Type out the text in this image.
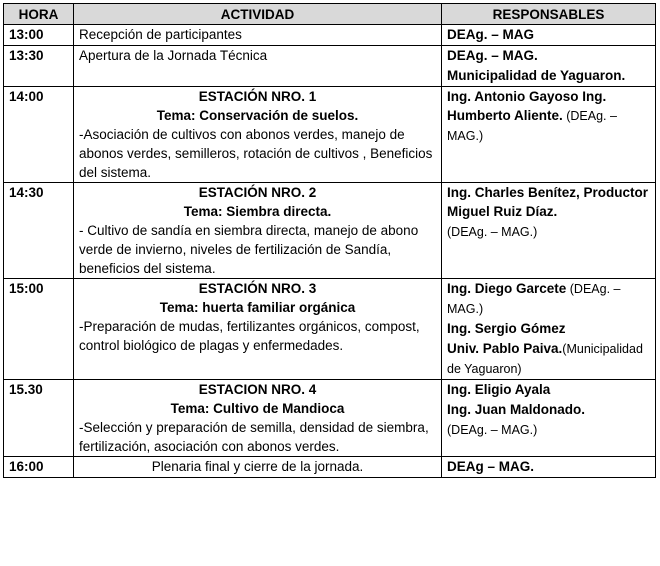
HORA	ACTIVIDAD	RESPONSABLES
13:00	Recepción de participantes	DEAg. – MAG

13:30	Apertura de la Jornada Técnica	DEAg. – MAG.
Municipalidad de Yaguaron.

14:00	ESTACIÓN NRO. 1
Tema: Conservación de suelos.
-Asociación de cultivos con abonos verdes, manejo de abonos verdes, semilleros, rotación de cultivos , Beneficios del sistema.	Ing. Antonio Gayoso Ing. Humberto Aliente. (DEAg. – MAG.)

14:30	ESTACIÓN NRO. 2
Tema: Siembra directa.
- Cultivo de sandía en siembra directa, manejo de abono verde de invierno, niveles de fertilización de Sandía, beneficios del sistema.	Ing. Charles Benítez, Productor Miguel Ruiz Díaz.
(DEAg. – MAG.)

15:00	ESTACIÓN NRO. 3
Tema: huerta familiar orgánica
-Preparación de mudas, fertilizantes orgánicos, compost, control biológico de plagas y enfermedades.	Ing. Diego Garcete (DEAg. – MAG.)
Ing. Sergio Gómez
Univ. Pablo Paiva.(Municipalidad de Yaguaron)

15.30	ESTACION NRO. 4
Tema: Cultivo de Mandioca
-Selección y preparación de semilla, densidad de siembra, fertilización, asociación con abonos verdes.	Ing. Eligio Ayala
Ing. Juan Maldonado.
(DEAg. – MAG.)

16:00	Plenaria final y cierre de la jornada.	DEAg – MAG.
